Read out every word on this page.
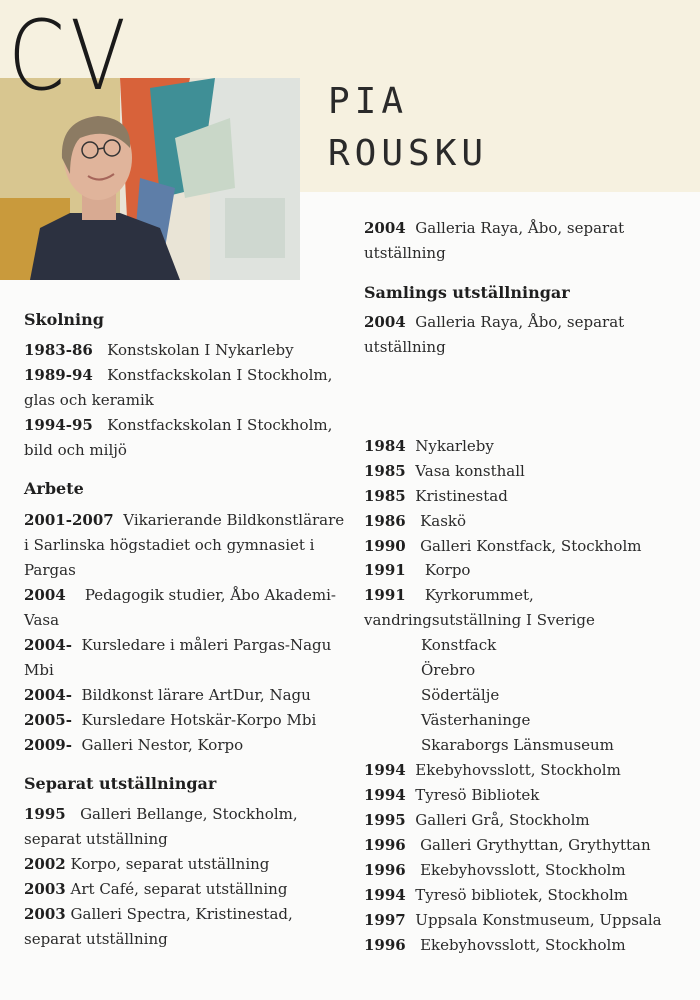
CV	PIA
ROUSKU
Skolning
1983-86 Konstskolan I Nykarleby
1989-94 Konstfackskolan I Stockholm,
glas och keramik
1994-95 Konstfackskolan I Stockholm,
bild och miljö
Arbete
2001-2007 Vikarierande Bildkonstlärare
i Sarlinska högstadiet och gymnasiet i
Pargas
2004 Pedagogik studier, Åbo Akademi-
Vasa
2004- Kursledare i måleri Pargas-Nagu
Mbi
2004- Bildkonst lärare ArtDur, Nagu
2005- Kursledare Hotskär-Korpo Mbi
2009- Galleri Nestor, Korpo
Separat utställningar
1995 Galleri Bellange, Stockholm,
separat utställning
2002 Korpo, separat utställning
2003 Art Café, separat utställning
2003 Galleri Spectra, Kristinestad,
separat utställning
2004 Galleria Raya, Åbo, separat
utställning
Samlings utställningar
2004 Galleria Raya, Åbo, separat
utställning
1984 Nykarleby
1985 Vasa konsthall
1985 Kristinestad
1986 Kaskö
1990 Galleri Konstfack, Stockholm
1991 Korpo
1991 Kyrkorummet,
vandringsutställning I Sverige
Konstfack
Örebro
Södertälje
Västerhaninge
Skaraborgs Länsmuseum
1994 Ekebyhovsslott, Stockholm
1994 Tyresö Bibliotek
1995 Galleri Grå, Stockholm
1996 Galleri Grythyttan, Grythyttan
1996 Ekebyhovsslott, Stockholm
1994 Tyresö bibliotek, Stockholm
1997 Uppsala Konstmuseum, Uppsala
1996 Ekebyhovsslott, Stockholm
